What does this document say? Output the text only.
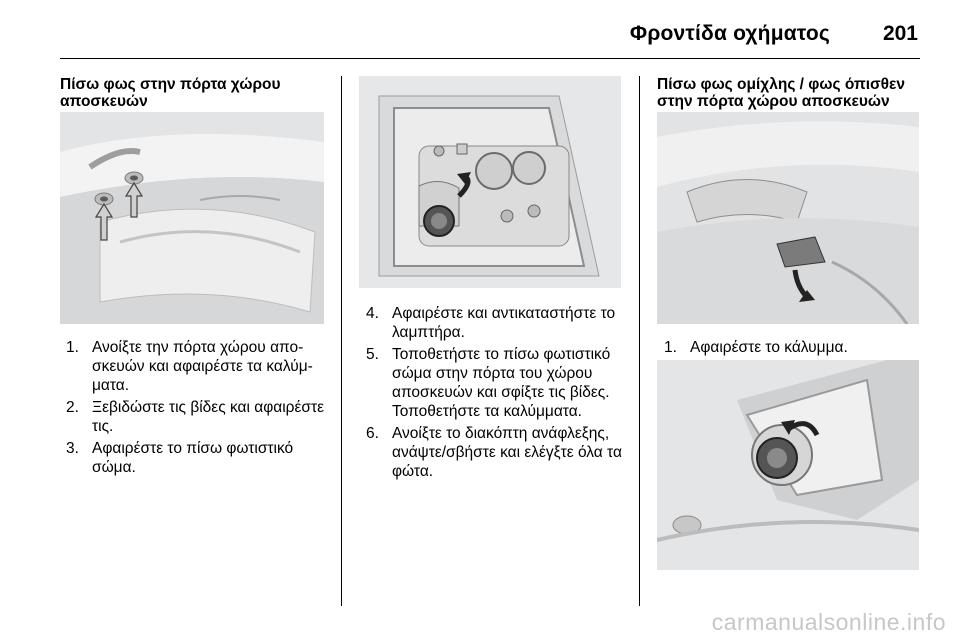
Φροντίδα οχήματος	201
Πίσω φως στην πόρτα χώρου αποσκευών
1. Ανοίξτε την πόρτα χώρου απο- σκευών και αφαιρέστε τα καλύμ- ματα.
2. Ξεβιδώστε τις βίδες και αφαιρέστε τις.
3. Αφαιρέστε το πίσω φωτιστικό σώμα.
4. Αφαιρέστε και αντικαταστήστε το λαμπτήρα.
5. Τοποθετήστε το πίσω φωτιστικό σώμα στην πόρτα του χώρου αποσκευών και σφίξτε τις βίδες. Τοποθετήστε τα καλύμματα.
6. Ανοίξτε το διακόπτη ανάφλεξης, ανάψτε/σβήστε και ελέγξτε όλα τα φώτα.
Πίσω φως ομίχλης / φως όπισθεν στην πόρτα χώρου αποσκευών
1. Αφαιρέστε το κάλυμμα.
carmanualsonline.info
